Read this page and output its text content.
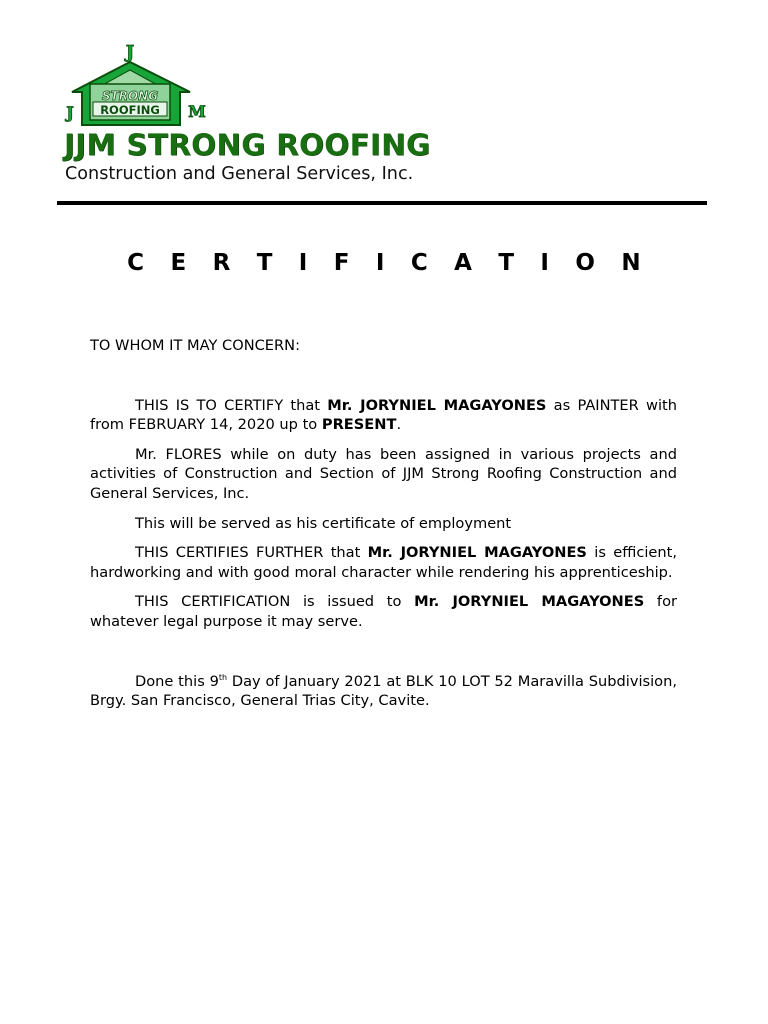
STRONG
ROOFING
J
J	M
JJM STRONG ROOFING
Construction and General Services, Inc.
C E R T I F I C A T I O N

TO WHOM IT MAY CONCERN:

THIS IS TO CERTIFY that Mr. JORYNIEL MAGAYONES as PAINTER with from FEBRUARY 14, 2020 up to PRESENT.

Mr. FLORES while on duty has been assigned in various projects and activities of Construction and Section of JJM Strong Roofing Construction and General Services, Inc.

This will be served as his certificate of employment

THIS CERTIFIES FURTHER that Mr. JORYNIEL MAGAYONES is efficient, hardworking and with good moral character while rendering his apprenticeship.

THIS CERTIFICATION is issued to Mr. JORYNIEL MAGAYONES for whatever legal purpose it may serve.

Done this 9th Day of January 2021 at BLK 10 LOT 52 Maravilla Subdivision, Brgy. San Francisco, General Trias City, Cavite.
